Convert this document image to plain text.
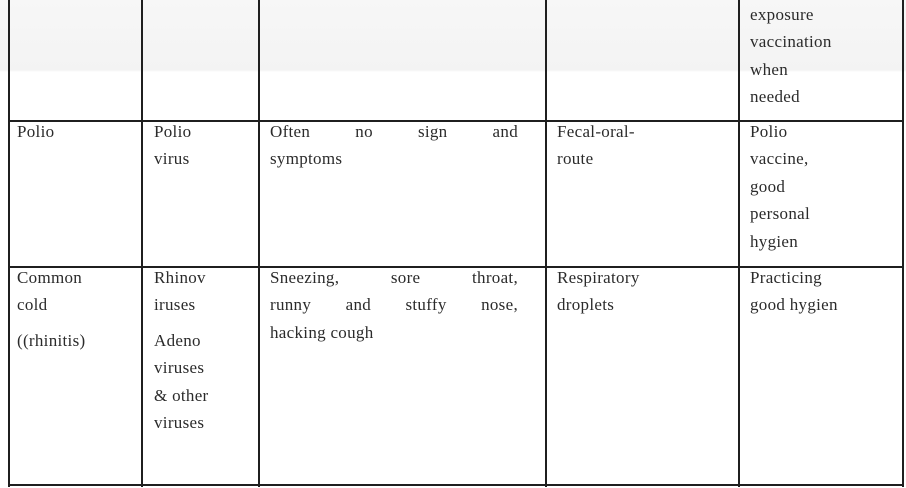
exposure

vaccination

when

needed

Polio	Polio

virus

Often no sign and

symptoms

Fecal-oral-

route

Polio

vaccine,

good

personal

hygien

Common

cold

((rhinitis)

Rhinov

iruses

Adeno

viruses

& other

viruses

Sneezing, sore throat,

runny and stuffy nose,

hacking cough

Respiratory

droplets

Practicing

good hygien
